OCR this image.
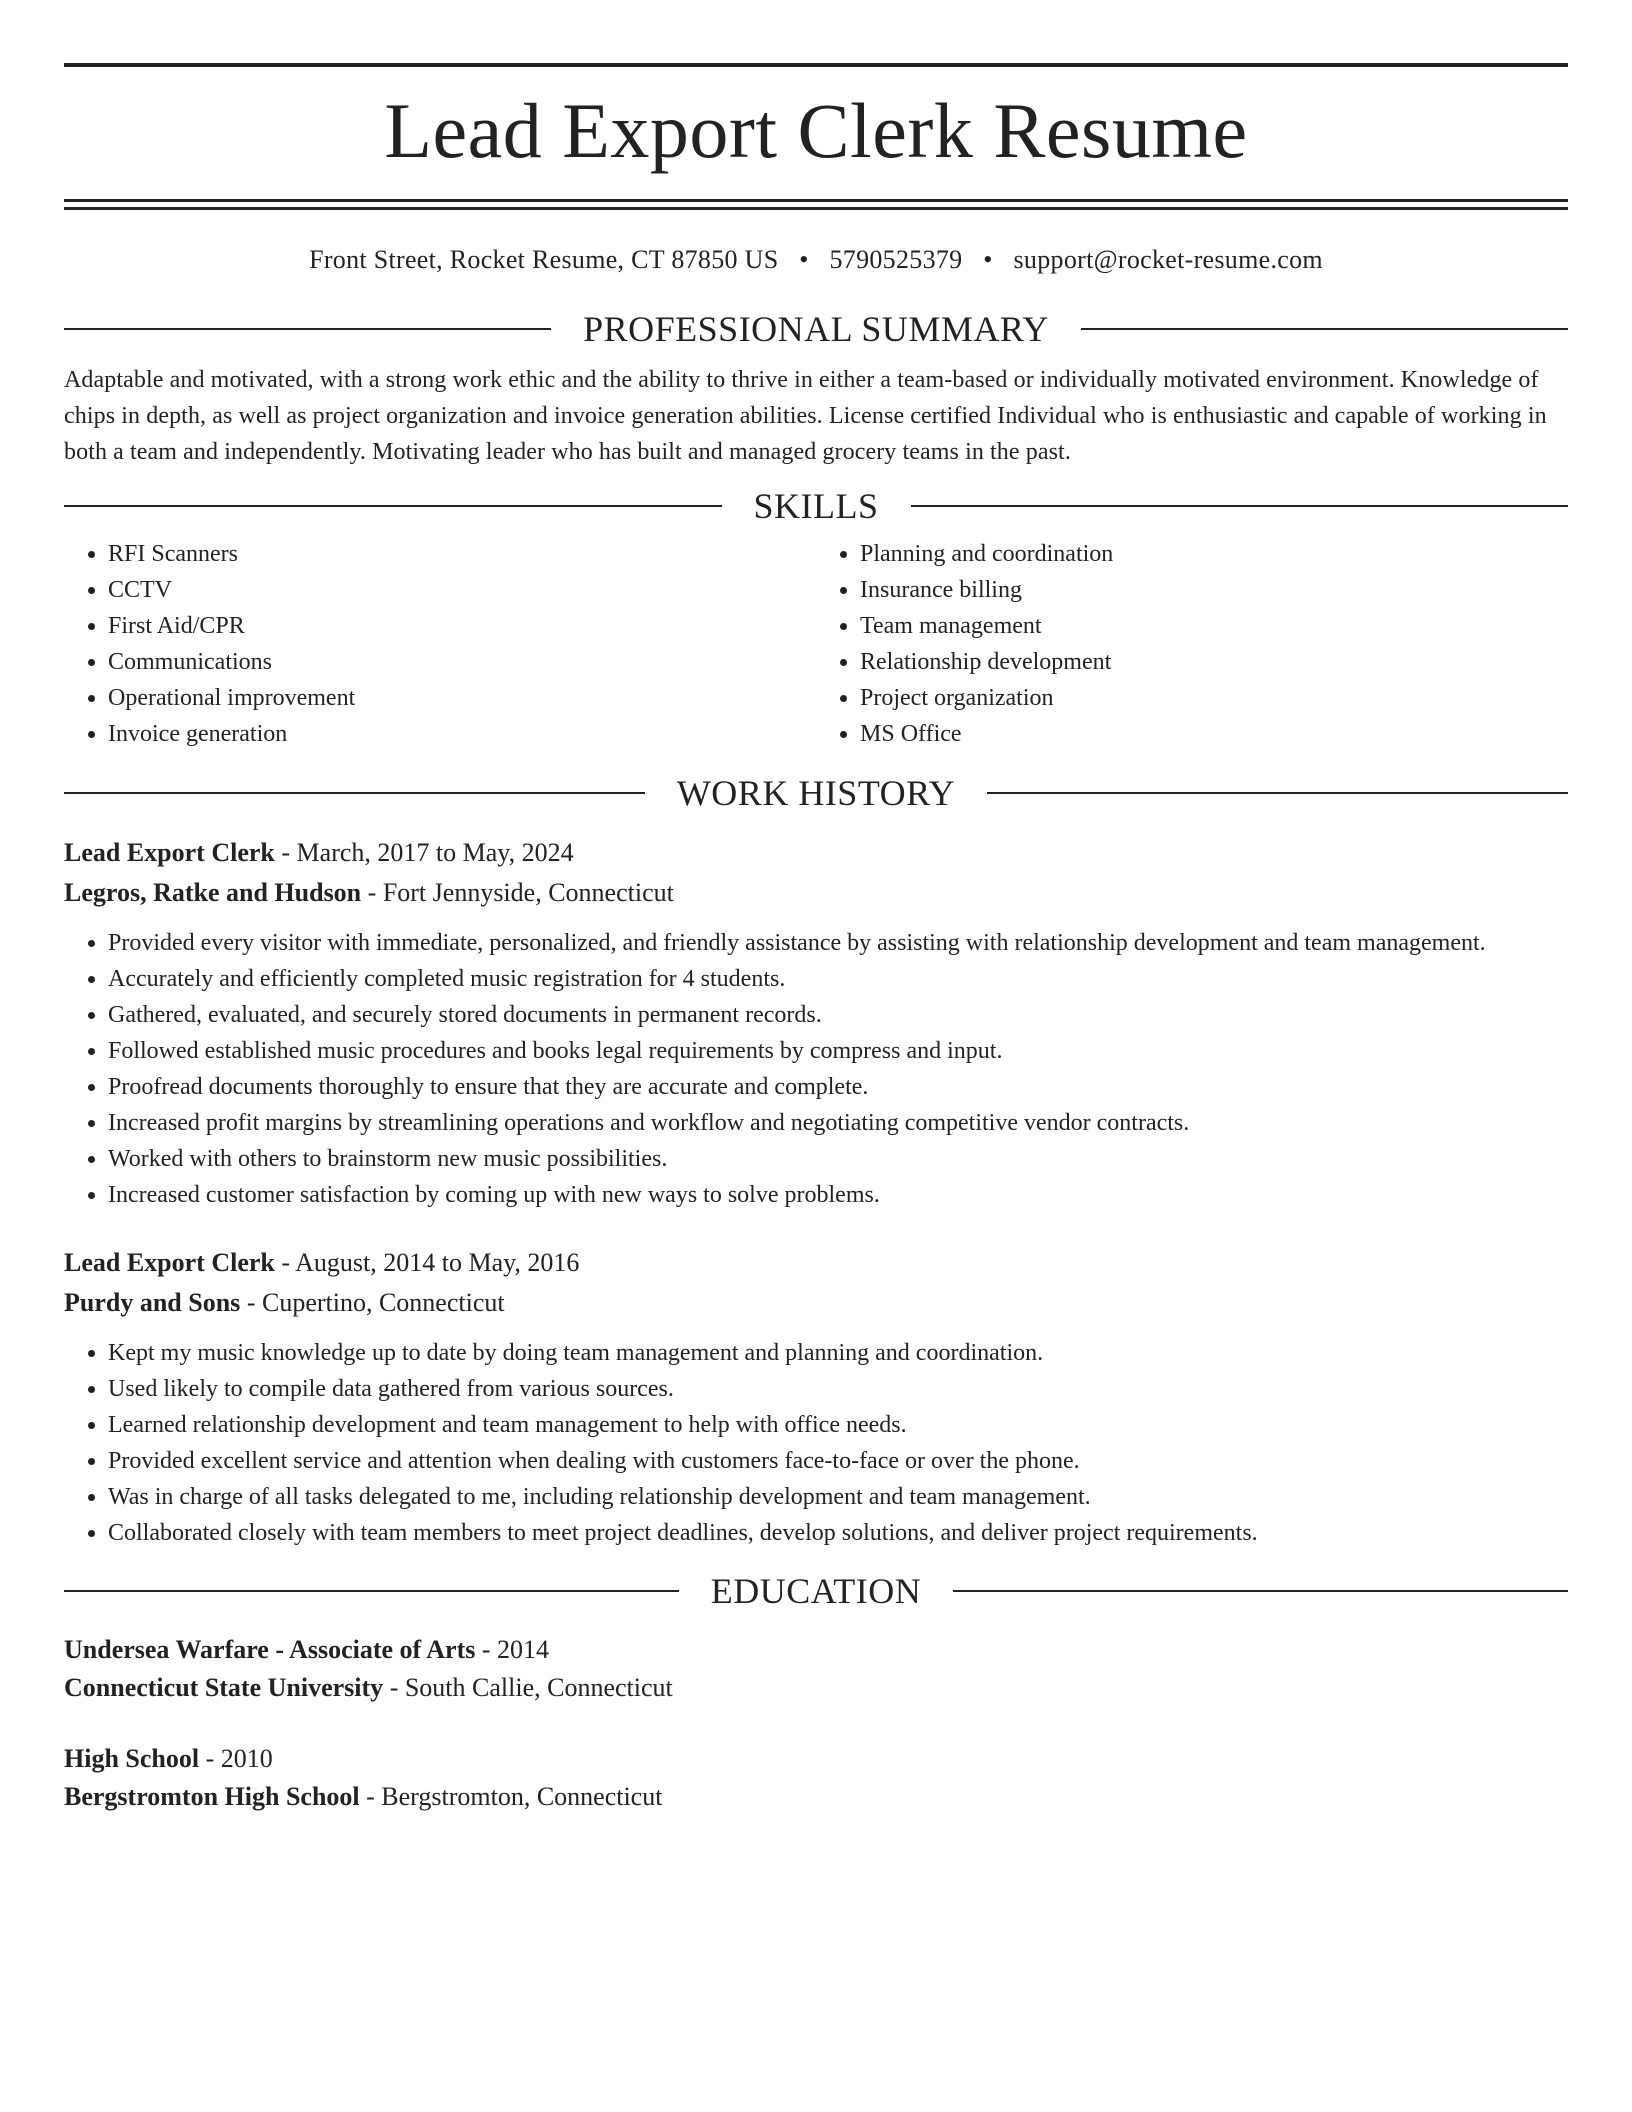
Lead Export Clerk Resume
Front Street, Rocket Resume, CT 87850 US • 5790525379 • support@rocket-resume.com
PROFESSIONAL SUMMARY

Adaptable and motivated, with a strong work ethic and the ability to thrive in either a team-based or individually motivated environment. Knowledge of chips in depth, as well as project organization and invoice generation abilities. License certified Individual who is enthusiastic and capable of working in both a team and independently. Motivating leader who has built and managed grocery teams in the past.

SKILLS
• RFI Scanners
• CCTV
• First Aid/CPR
• Communications
• Operational improvement
• Invoice generation
• Planning and coordination
• Insurance billing
• Team management
• Relationship development
• Project organization
• MS Office
WORK HISTORY
Lead Export Clerk - March, 2017 to May, 2024
Legros, Ratke and Hudson - Fort Jennyside, Connecticut
• Provided every visitor with immediate, personalized, and friendly assistance by assisting with relationship development and team management.
• Accurately and efficiently completed music registration for 4 students.
• Gathered, evaluated, and securely stored documents in permanent records.
• Followed established music procedures and books legal requirements by compress and input.
• Proofread documents thoroughly to ensure that they are accurate and complete.
• Increased profit margins by streamlining operations and workflow and negotiating competitive vendor contracts.
• Worked with others to brainstorm new music possibilities.
• Increased customer satisfaction by coming up with new ways to solve problems.
Lead Export Clerk - August, 2014 to May, 2016
Purdy and Sons - Cupertino, Connecticut
• Kept my music knowledge up to date by doing team management and planning and coordination.
• Used likely to compile data gathered from various sources.
• Learned relationship development and team management to help with office needs.
• Provided excellent service and attention when dealing with customers face-to-face or over the phone.
• Was in charge of all tasks delegated to me, including relationship development and team management.
• Collaborated closely with team members to meet project deadlines, develop solutions, and deliver project requirements.
EDUCATION
Undersea Warfare - Associate of Arts - 2014
Connecticut State University - South Callie, Connecticut
High School - 2010
Bergstromton High School - Bergstromton, Connecticut
